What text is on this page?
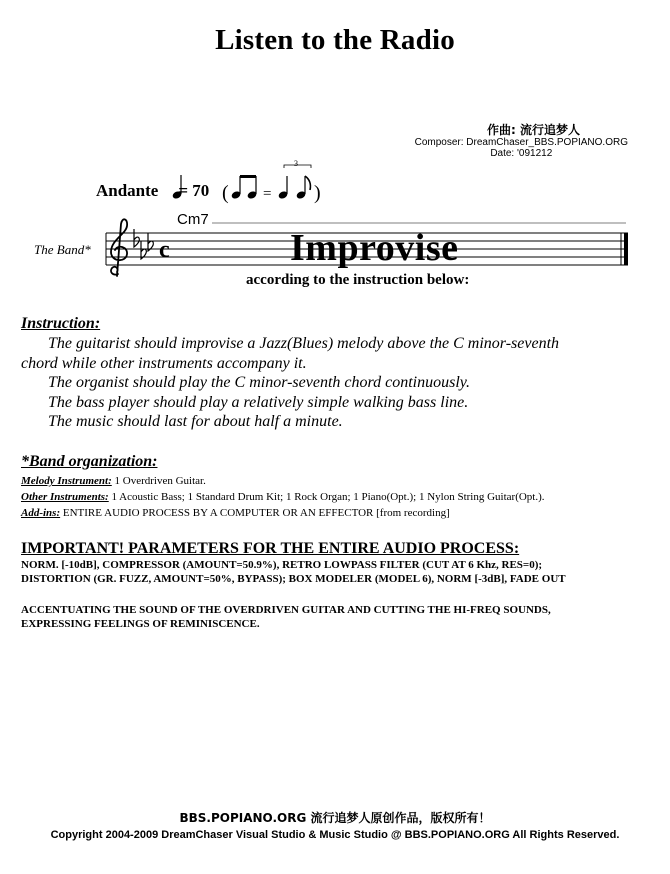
Listen to the Radio
作曲: 流行追梦人
Composer: DreamChaser_BBS.POPIANO.ORG
Date: '091212
( =
3
)
c
Andante = 70
Cm7
The Band*	Improvise
according to the instruction below:
Instruction:

The guitarist should improvise a Jazz(Blues) melody above the C minor-seventh

chord while other instruments accompany it.

The organist should play the C minor-seventh chord continuously.

The bass player should play a relatively simple walking bass line.

The music should last for about half a minute.

*Band organization:
Melody Instrument: 1 Overdriven Guitar.
Other Instruments: 1 Acoustic Bass; 1 Standard Drum Kit; 1 Rock Organ; 1 Piano(Opt.); 1 Nylon String Guitar(Opt.).
Add-ins: ENTIRE AUDIO PROCESS BY A COMPUTER OR AN EFFECTOR [from recording]
IMPORTANT! PARAMETERS FOR THE ENTIRE AUDIO PROCESS:
NORM. [-10dB], COMPRESSOR (AMOUNT=50.9%), RETRO LOWPASS FILTER (CUT AT 6 Khz, RES=0);
DISTORTION (GR. FUZZ, AMOUNT=50%, BYPASS); BOX MODELER (MODEL 6), NORM [-3dB], FADE OUT
ACCENTUATING THE SOUND OF THE OVERDRIVEN GUITAR AND CUTTING THE HI-FREQ SOUNDS,
EXPRESSING FEELINGS OF REMINISCENCE.
BBS.POPIANO.ORG 流行追梦人原创作品，版权所有！
Copyright 2004-2009 DreamChaser Visual Studio & Music Studio @ BBS.POPIANO.ORG All Rights Reserved.
